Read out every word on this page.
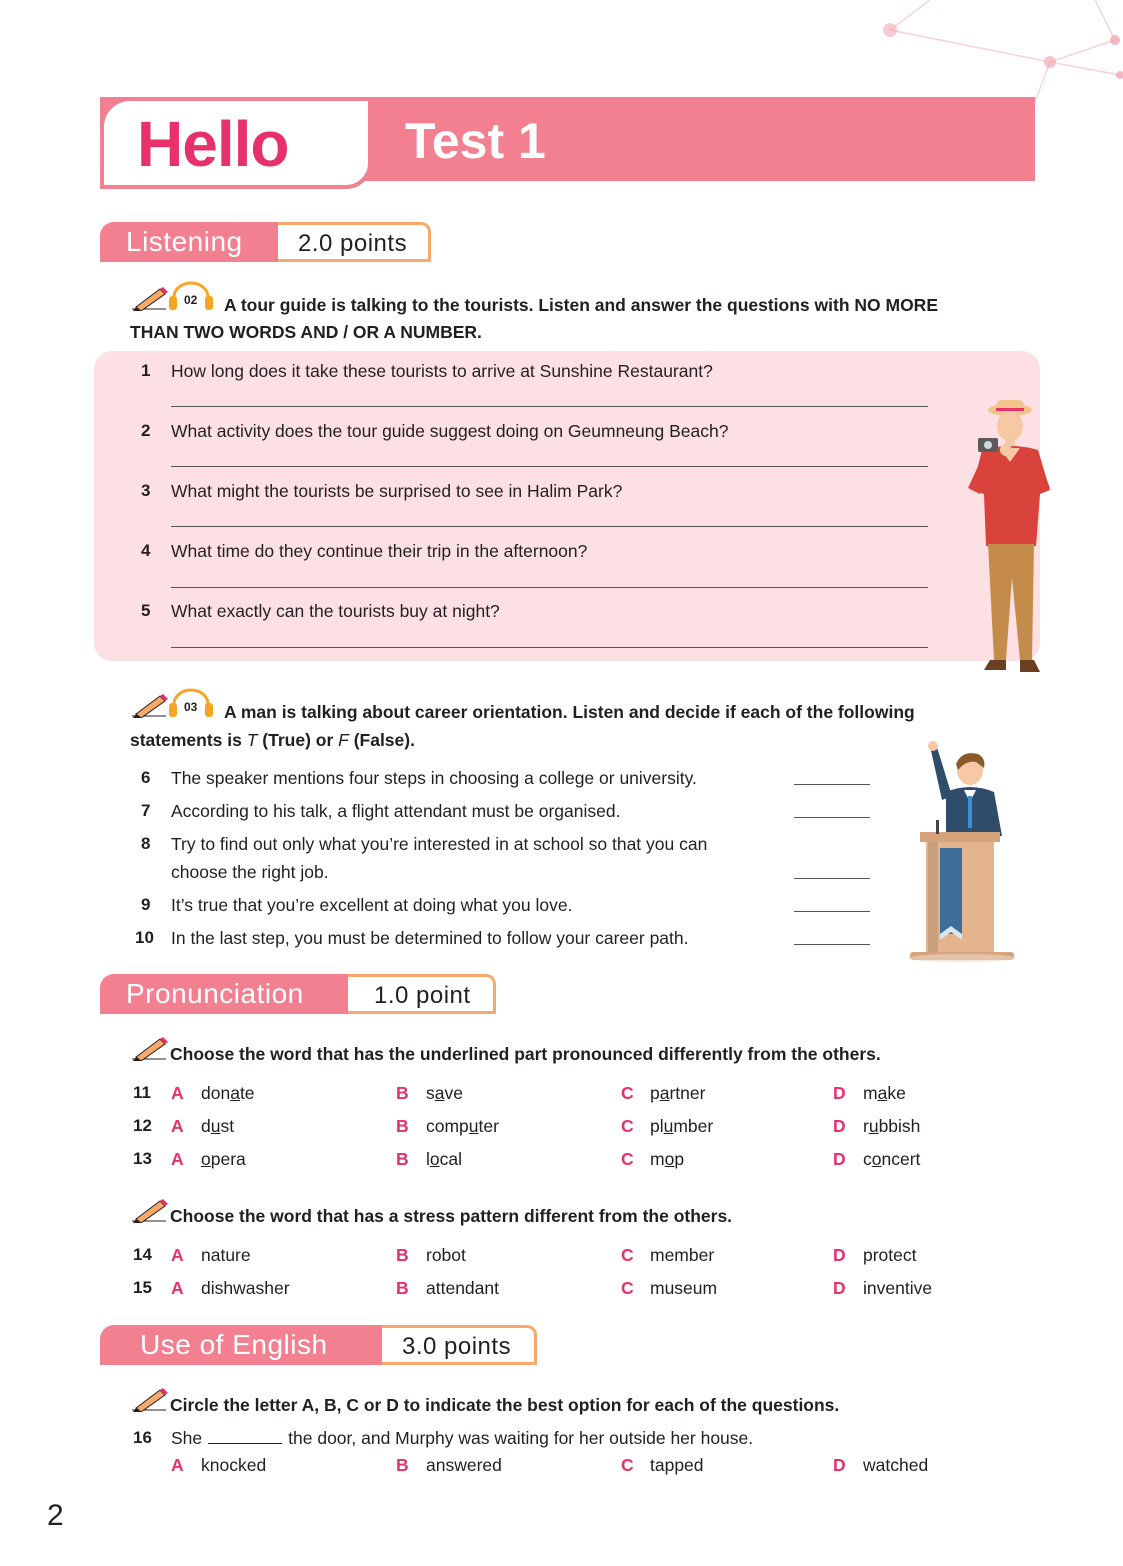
Hello Test 1
Listening 2.0 points
02 A tour guide is talking to the tourists. Listen and answer the questions with NO MORE
THAN TWO WORDS AND / OR A NUMBER.
1 How long does it take these tourists to arrive at Sunshine Restaurant?
2 What activity does the tour guide suggest doing on Geumneung Beach?
3 What might the tourists be surprised to see in Halim Park?
4 What time do they continue their trip in the afternoon?
5 What exactly can the tourists buy at night?
03 A man is talking about career orientation. Listen and decide if each of the following
statements is T (True) or F (False).
6 The speaker mentions four steps in choosing a college or university.
7 According to his talk, a flight attendant must be organised.
8 Try to find out only what you’re interested in at school so that you can
choose the right job.
9 It’s true that you’re excellent at doing what you love.
10 In the last step, you must be determined to follow your career path.
Pronunciation	1.0 point
Choose the word that has the underlined part pronounced differently from the others.
11 A donate	B save	C partner	D make
12 A dust	B computer	C plumber	D rubbish
13 A opera	B local	C mop	D concert
Choose the word that has a stress pattern different from the others.
14 A nature	B robot	C member	D protect
15 A dishwasher	B attendant	C museum	D inventive
Use of English	3.0 points
Circle the letter A, B, C or D to indicate the best option for each of the questions.
16 She	the door, and Murphy was waiting for her outside her house.
A knocked	B answered	C tapped	D watched
2
